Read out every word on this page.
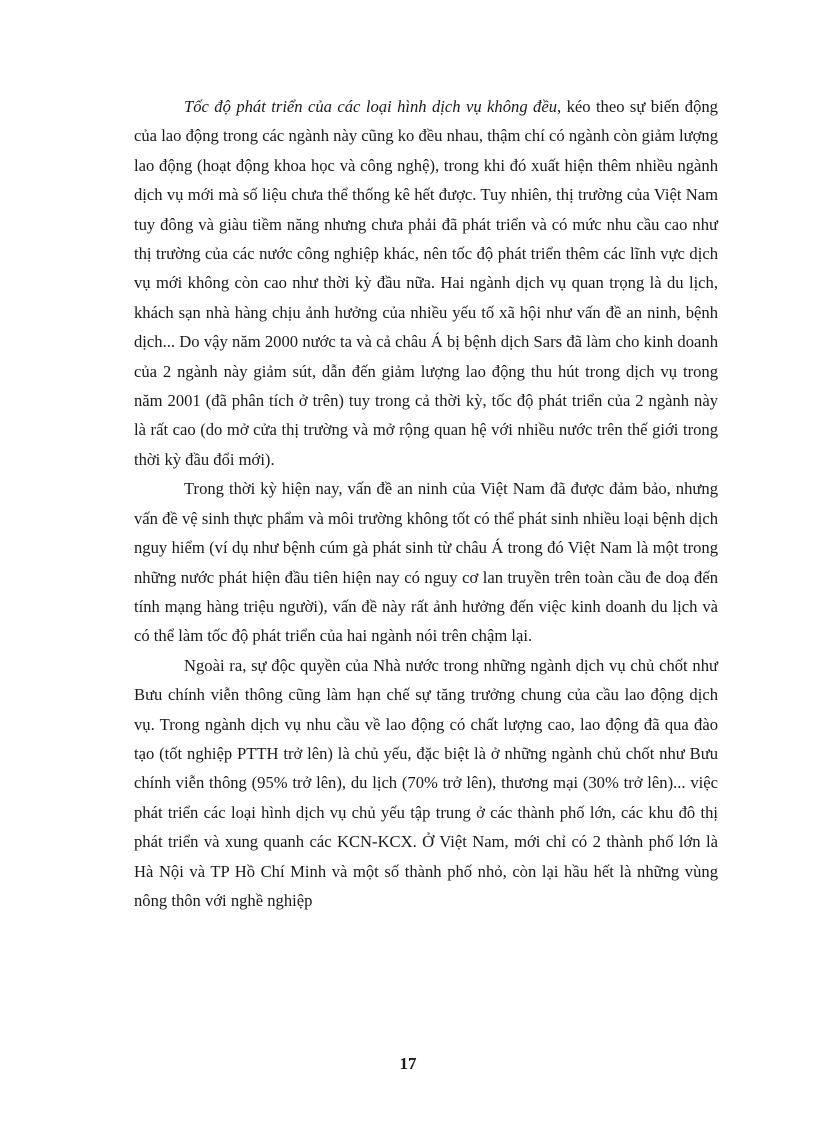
Tốc độ phát triển của các loại hình dịch vụ không đều, kéo theo sự biến động của lao động trong các ngành này cũng ko đều nhau, thậm chí có ngành còn giảm lượng lao động (hoạt động khoa học và công nghệ), trong khi đó xuất hiện thêm nhiều ngành dịch vụ mới mà số liệu chưa thể thống kê hết được. Tuy nhiên, thị trường của Việt Nam tuy đông và giàu tiềm năng nhưng chưa phải đã phát triển và có mức nhu cầu cao như thị trường của các nước công nghiệp khác, nên tốc độ phát triển thêm các lĩnh vực dịch vụ mới không còn cao như thời kỳ đầu nữa. Hai ngành dịch vụ quan trọng là du lịch, khách sạn nhà hàng chịu ảnh hưởng của nhiều yếu tố xã hội như vấn đề an ninh, bệnh dịch... Do vậy năm 2000 nước ta và cả châu Á bị bệnh dịch Sars đã làm cho kinh doanh của 2 ngành này giảm sút, dẫn đến giảm lượng lao động thu hút trong dịch vụ trong năm 2001 (đã phân tích ở trên) tuy trong cả thời kỳ, tốc độ phát triển của 2 ngành này là rất cao (do mở cửa thị trường và mở rộng quan hệ với nhiều nước trên thế giới trong thời kỳ đầu đổi mới).

Trong thời kỳ hiện nay, vấn đề an ninh của Việt Nam đã được đảm bảo, nhưng vấn đề vệ sinh thực phẩm và môi trường không tốt có thể phát sinh nhiều loại bệnh dịch nguy hiểm (ví dụ như bệnh cúm gà phát sinh từ châu Á trong đó Việt Nam là một trong những nước phát hiện đầu tiên hiện nay có nguy cơ lan truyền trên toàn cầu đe doạ đến tính mạng hàng triệu người), vấn đề này rất ảnh hưởng đến việc kinh doanh du lịch và có thể làm tốc độ phát triển của hai ngành nói trên chậm lại.

Ngoài ra, sự độc quyền của Nhà nước trong những ngành dịch vụ chủ chốt như Bưu chính viễn thông cũng làm hạn chế sự tăng trưởng chung của cầu lao động dịch vụ. Trong ngành dịch vụ nhu cầu về lao động có chất lượng cao, lao động đã qua đào tạo (tốt nghiệp PTTH trở lên) là chủ yếu, đặc biệt là ở những ngành chủ chốt như Bưu chính viễn thông (95% trở lên), du lịch (70% trở lên), thương mại (30% trở lên)... việc phát triển các loại hình dịch vụ chủ yếu tập trung ở các thành phố lớn, các khu đô thị phát triển và xung quanh các KCN-KCX. Ở Việt Nam, mới chỉ có 2 thành phố lớn là Hà Nội và TP Hồ Chí Minh và một số thành phố nhỏ, còn lại hầu hết là những vùng nông thôn với nghề nghiệp

17
